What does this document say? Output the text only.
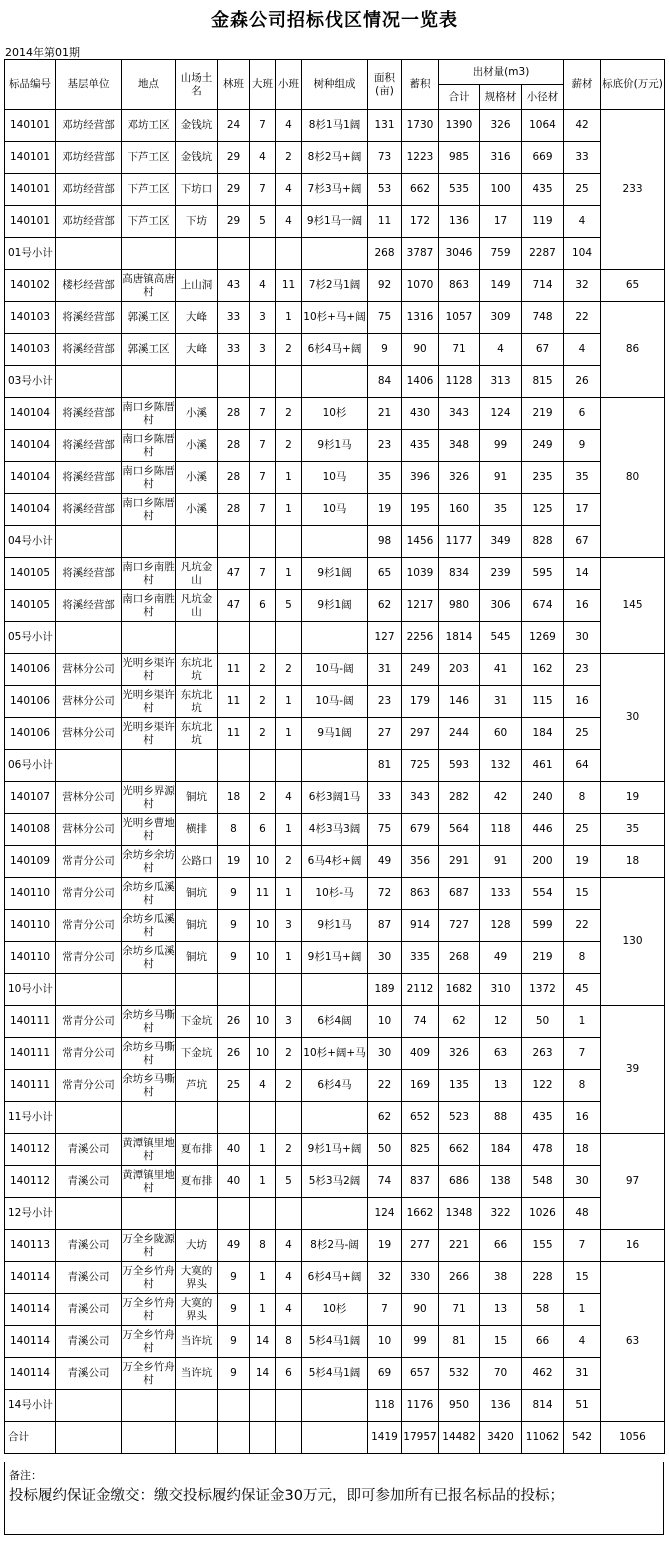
金森公司招标伐区情况一览表
2014年第01期
标品编号	基层单位	地点	山场土名	林班	大班	小班	树种组成	面积(亩)	蓄积	出材量(m3)			薪材	标底价(万元)
										合计	规格材	小径材		
140101	邓坊经营部	邓坊工区	金钱坑	24	7	4	8杉1马1阔	131	1730	1390	326	1064	42	233
140101	邓坊经营部	下芦工区	金钱坑	29	4	2	8杉2马+阔	73	1223	985	316	669	33	
140101	邓坊经营部	下芦工区	下坊口	29	7	4	7杉3马+阔	53	662	535	100	435	25	
140101	邓坊经营部	下芦工区	下坊	29	5	4	9杉1马一阔	11	172	136	17	119	4	
01号小计								268	3787	3046	759	2287	104	
140102	楼杉经营部	高唐镇高唐村	上山洞	43	4	11	7杉2马1阔	92	1070	863	149	714	32	65
140103	将溪经营部	郭溪工区	大峰	33	3	1	10杉+马+阔	75	1316	1057	309	748	22	86
140103	将溪经营部	郭溪工区	大峰	33	3	2	6杉4马+阔	9	90	71	4	67	4	
03号小计								84	1406	1128	313	815	26	
140104	将溪经营部	南口乡陈厝村	小溪	28	7	2	10杉	21	430	343	124	219	6	80
140104	将溪经营部	南口乡陈厝村	小溪	28	7	2	9杉1马	23	435	348	99	249	9	
140104	将溪经营部	南口乡陈厝村	小溪	28	7	1	10马	35	396	326	91	235	35	
140104	将溪经营部	南口乡陈厝村	小溪	28	7	1	10马	19	195	160	35	125	17	
04号小计								98	1456	1177	349	828	67	
140105	将溪经营部	南口乡南胜村	凡坑金山	47	7	1	9杉1阔	65	1039	834	239	595	14	145
140105	将溪经营部	南口乡南胜村	凡坑金山	47	6	5	9杉1阔	62	1217	980	306	674	16	
05号小计								127	2256	1814	545	1269	30	
140106	营林分公司	光明乡渠许村	东坑北坑	11	2	2	10马-阔	31	249	203	41	162	23	30
140106	营林分公司	光明乡渠许村	东坑北坑	11	2	1	10马-阔	23	179	146	31	115	16	
140106	营林分公司	光明乡渠许村	东坑北坑	11	2	1	9马1阔	27	297	244	60	184	25	
06号小计								81	725	593	132	461	64	
140107	营林分公司	光明乡界源村	铜坑	18	2	4	6杉3阔1马	33	343	282	42	240	8	19
140108	营林分公司	光明乡曹地村	横排	8	6	1	4杉3马3阔	75	679	564	118	446	25	35
140109	常青分公司	余坊乡余坊村	公路口	19	10	2	6马4杉+阔	49	356	291	91	200	19	18
140110	常青分公司	余坊乡瓜溪村	铜坑	9	11	1	10杉-马	72	863	687	133	554	15	130
140110	常青分公司	余坊乡瓜溪村	铜坑	9	10	3	9杉1马	87	914	727	128	599	22	
140110	常青分公司	余坊乡瓜溪村	铜坑	9	10	1	9杉1马+阔	30	335	268	49	219	8	
10号小计								189	2112	1682	310	1372	45	
140111	常青分公司	余坊乡马嘶村	下金坑	26	10	3	6杉4阔	10	74	62	12	50	1	39
140111	常青分公司	余坊乡马嘶村	下金坑	26	10	2	10杉+阔+马	30	409	326	63	263	7	
140111	常青分公司	余坊乡马嘶村	芦坑	25	4	2	6杉4马	22	169	135	13	122	8	
11号小计								62	652	523	88	435	16	
140112	青溪公司	黄潭镇里地村	夏布排	40	1	2	9杉1马+阔	50	825	662	184	478	18	97
140112	青溪公司	黄潭镇里地村	夏布排	40	1	5	5杉3马2阔	74	837	686	138	548	30	
12号小计								124	1662	1348	322	1026	48	
140113	青溪公司	万全乡陇源村	大坊	49	8	4	8杉2马-阔	19	277	221	66	155	7	16
140114	青溪公司	万全乡竹舟村	大寞的界头	9	1	4	6杉4马+阔	32	330	266	38	228	15	63
140114	青溪公司	万全乡竹舟村	大寞的界头	9	1	4	10杉	7	90	71	13	58	1	
140114	青溪公司	万全乡竹舟村	当许坑	9	14	8	5杉4马1阔	10	99	81	15	66	4	
140114	青溪公司	万全乡竹舟村	当许坑	9	14	6	5杉4马1阔	69	657	532	70	462	31	
14号小计								118	1176	950	136	814	51	
合计								1419	17957	14482	3420	11062	542	1056
备注：
投标履约保证金缴交：缴交投标履约保证金30万元，即可参加所有已报名标品的投标；
